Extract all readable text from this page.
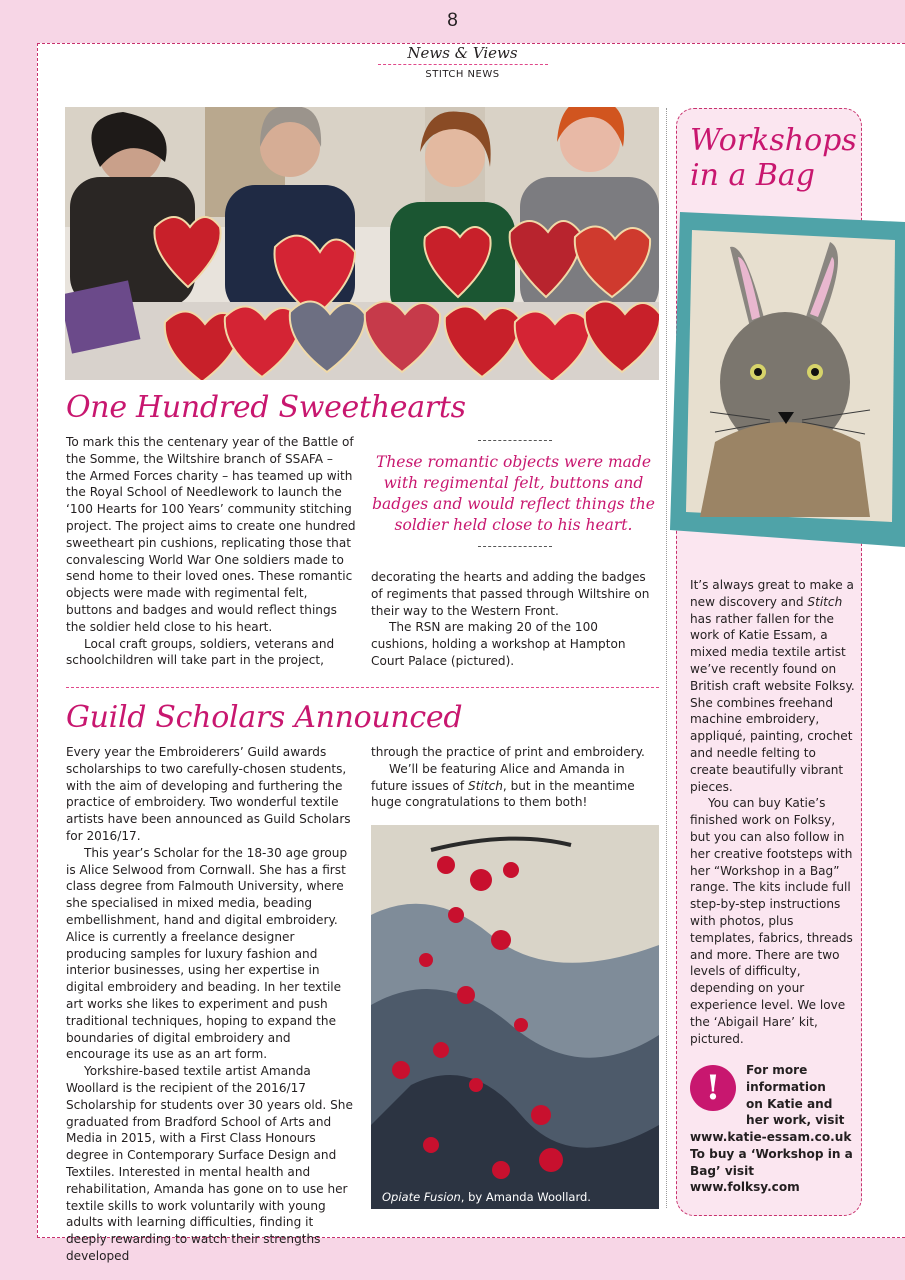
8
News & Views
STITCH NEWS
One Hundred Sweethearts

To mark this the centenary year of the Battle of the Somme, the Wiltshire branch of SSAFA – the Armed Forces charity – has teamed up with the Royal School of Needlework to launch the ‘100 Hearts for 100 Years’ community stitching project. The project aims to create one hundred sweetheart pin cushions, replicating those that convalescing World War One soldiers made to send home to their loved ones. These romantic objects were made with regimental felt, buttons and badges and would reflect things the soldier held close to his heart.

Local craft groups, soldiers, veterans and schoolchildren will take part in the project,

These romantic objects were made with regimental felt, buttons and badges and would reflect things the soldier held close to his heart.

decorating the hearts and adding the badges of regiments that passed through Wiltshire on their way to the Western Front.

The RSN are making 20 of the 100 cushions, holding a workshop at Hampton Court Palace (pictured).

Guild Scholars Announced

Every year the Embroiderers’ Guild awards scholarships to two carefully-chosen students, with the aim of developing and furthering the practice of embroidery. Two wonderful textile artists have been announced as Guild Scholars for 2016/17.

This year’s Scholar for the 18-30 age group is Alice Selwood from Cornwall. She has a first class degree from Falmouth University, where she specialised in mixed media, beading embellishment, hand and digital embroidery. Alice is currently a freelance designer producing samples for luxury fashion and interior businesses, using her expertise in digital embroidery and beading. In her textile art works she likes to experiment and push traditional techniques, hoping to expand the boundaries of digital embroidery and encourage its use as an art form.

Yorkshire-based textile artist Amanda Woollard is the recipient of the 2016/17 Scholarship for students over 30 years old. She graduated from Bradford School of Arts and Media in 2015, with a First Class Honours degree in Contemporary Surface Design and Textiles. Interested in mental health and rehabilitation, Amanda has gone on to use her textile skills to work voluntarily with young adults with learning difficulties, finding it deeply rewarding to watch their strengths developed

through the practice of print and embroidery.

We’ll be featuring Alice and Amanda in future issues of Stitch, but in the meantime huge congratulations to them both!

Opiate Fusion, by Amanda Woollard.
Workshops in a Bag

It’s always great to make a new discovery and Stitch has rather fallen for the work of Katie Essam, a mixed media textile artist we’ve recently found on British craft website Folksy. She combines freehand machine embroidery, appliqué, painting, crochet and needle felting to create beautifully vibrant pieces.

You can buy Katie’s finished work on Folksy, but you can also follow in her creative footsteps with her “Workshop in a Bag” range. The kits include full step-by-step instructions with photos, plus templates, fabrics, threads and more. There are two levels of difficulty, depending on your experience level. We love the ‘Abigail Hare’ kit, pictured.

!	For more
information
on Katie and
her work, visit
www.katie-essam.co.uk
To buy a ‘Workshop in a
Bag’ visit www.folksy.com
